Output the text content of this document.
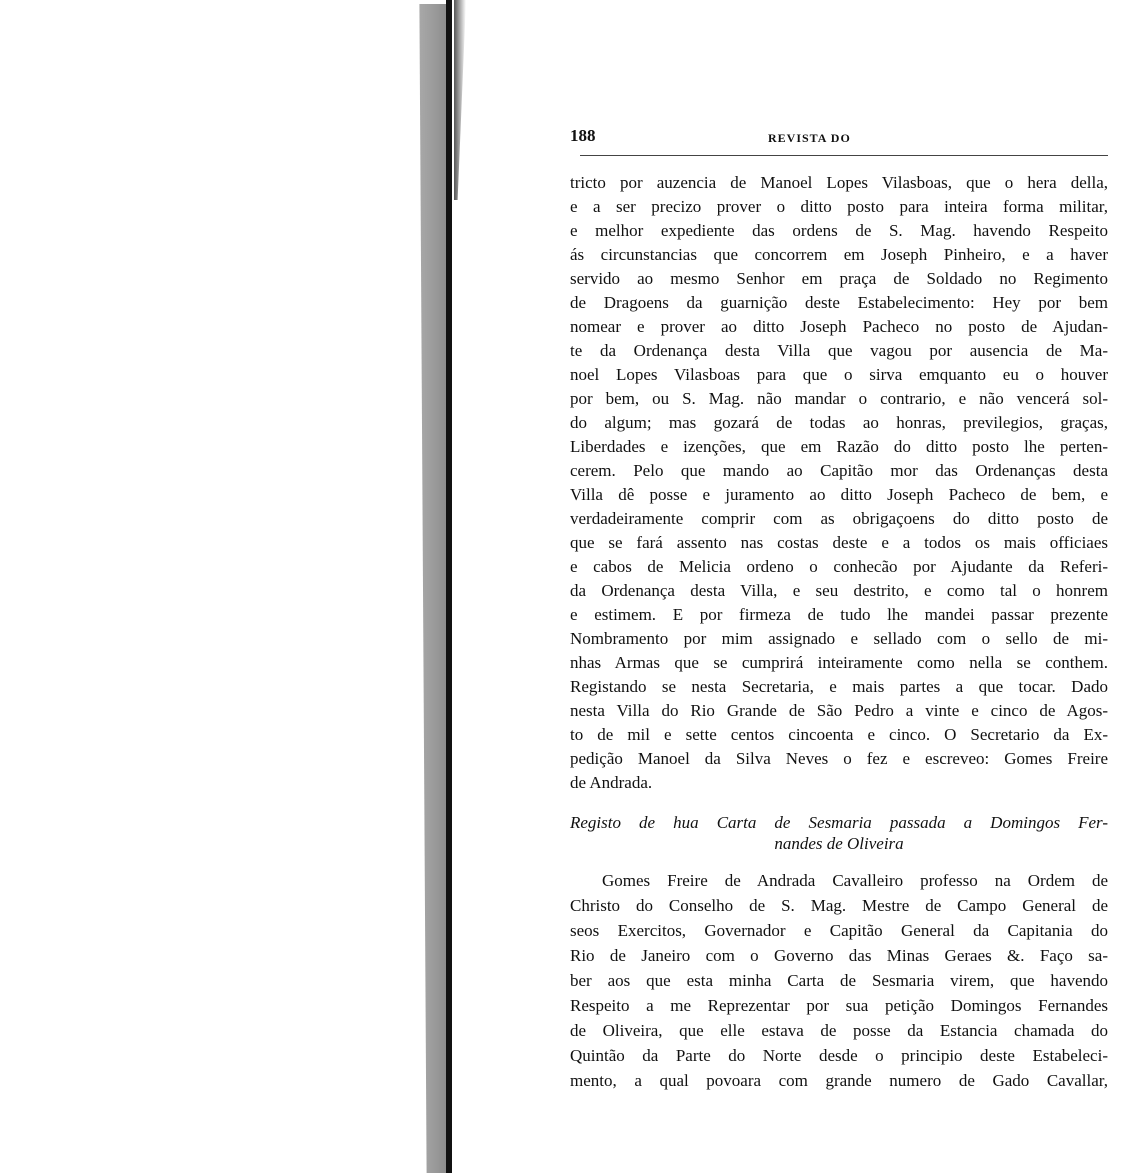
188	REVISTA DO
tricto por auzencia de Manoel Lopes Vilasboas, que o hera della,
e a ser precizo prover o ditto posto para inteira forma militar,
e melhor expediente das ordens de S. Mag. havendo Respeito
ás circunstancias que concorrem em Joseph Pinheiro, e a haver
servido ao mesmo Senhor em praça de Soldado no Regimento
de Dragoens da guarnição deste Estabelecimento: Hey por bem
nomear e prover ao ditto Joseph Pacheco no posto de Ajudan-
te da Ordenança desta Villa que vagou por ausencia de Ma-
noel Lopes Vilasboas para que o sirva emquanto eu o houver
por bem, ou S. Mag. não mandar o contrario, e não vencerá sol-
do algum; mas gozará de todas ao honras, previlegios, graças,
Liberdades e izenções, que em Razão do ditto posto lhe perten-
cerem. Pelo que mando ao Capitão mor das Ordenanças desta
Villa dê posse e juramento ao ditto Joseph Pacheco de bem, e
verdadeiramente comprir com as obrigaçoens do ditto posto de
que se fará assento nas costas deste e a todos os mais officiaes
e cabos de Melicia ordeno o conhecão por Ajudante da Referi-
da Ordenança desta Villa, e seu destrito, e como tal o honrem
e estimem. E por firmeza de tudo lhe mandei passar prezente
Nombramento por mim assignado e sellado com o sello de mi-
nhas Armas que se cumprirá inteiramente como nella se conthem.
Registando se nesta Secretaria, e mais partes a que tocar. Dado
nesta Villa do Rio Grande de São Pedro a vinte e cinco de Agos-
to de mil e sette centos cincoenta e cinco. O Secretario da Ex-
pedição Manoel da Silva Neves o fez e escreveo: Gomes Freire
de Andrada.
Registo de hua Carta de Sesmaria passada a Domingos Fer-
nandes de Oliveira
Gomes Freire de Andrada Cavalleiro professo na Ordem de
Christo do Conselho de S. Mag. Mestre de Campo General de
seos Exercitos, Governador e Capitão General da Capitania do
Rio de Janeiro com o Governo das Minas Geraes &. Faço sa-
ber aos que esta minha Carta de Sesmaria virem, que havendo
Respeito a me Reprezentar por sua petição Domingos Fernandes
de Oliveira, que elle estava de posse da Estancia chamada do
Quintão da Parte do Norte desde o principio deste Estabeleci-
mento, a qual povoara com grande numero de Gado Cavallar,
